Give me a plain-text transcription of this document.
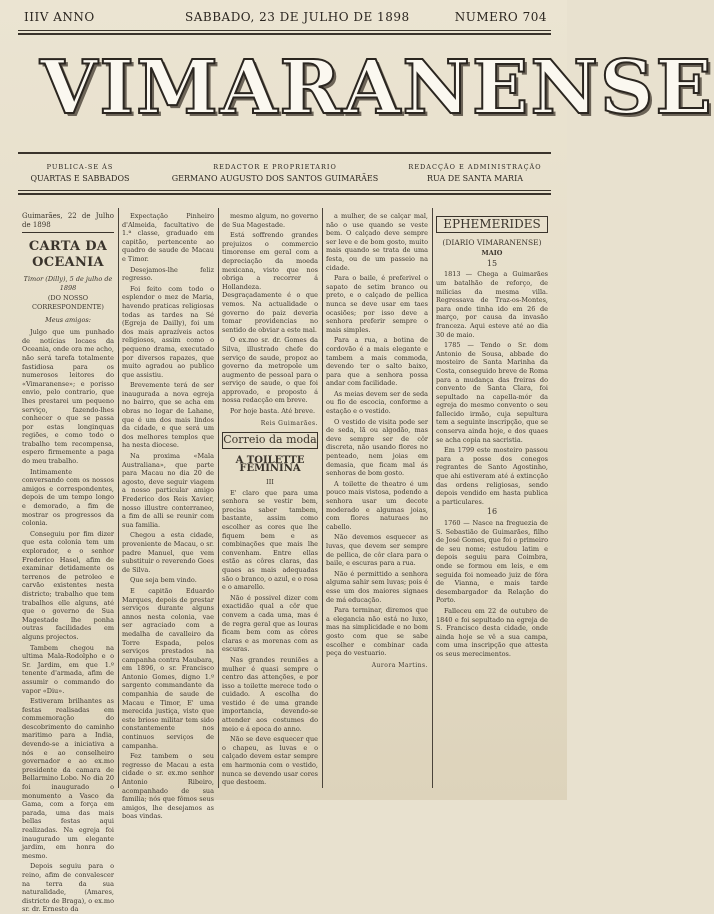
IIIV ANNO	SABBADO, 23 DE JULHO DE 1898	NUMERO 704
VIMARANENSE
PUBLICA-SE ÁS
QUARTAS E SABBADOS
REDACTOR E PROPRIETARIO
GERMANO AUGUSTO DOS SANTOS GUIMARÃES
REDACÇÃO E ADMINISTRAÇÃO
RUA DE SANTA MARIA
Guimarães, 22 de Julho de 1898
CARTA DA OCEANIA
Timor (Dilly), 5 de julho de 1898
(DO NOSSO CORRESPONDENTE)
Meus amigos:

Julgo que um punhado de notícias locaes da Oceania, onde ora me acho, não será tarefa totalmente fastidiosa para os numerosos leitores do «Vimaranense»; e porisso envio, pelo contrario, que lhes prestarei um pequeno serviço, fazendo-lhes conhecer o que se passa por estas longinquas regiões, e como todo o trabalho tem recompensa, espero firmemente a paga do meu trabalho.

Intimamente conversando com os nossos amigos e correspondentes, depois de um tempo longo e demorado, a fim de mostrar os progressos da colonia.

Conseguiu por fim dizer que esta colonia tem um explorador, e o senhor Frederico Hasel, afim de examinar detidamente os terrenos de petroleo e carvão existentes nesta districto; trabalho que tem trabalhos elle alguns, até que o governo de Sua Magestade lhe ponha outras facilidades em alguns projectos.

Tambem chegou na ultima Mala-Rodolpho e o Sr. Jardim, em que 1.º tenente d'armada, afim de assumir o commando do vapor «Diu».

Estiveram brilhantes as festas realisadas em commemoração do descobrimento do caminho maritimo para a India, devendo-se a iniciativa a nós e ao conselheiro governador e ao ex.mo presidente da camara de Bellarmino Lobo. No dia 20 foi inaugurado o monumento a Vasco da Gama, com a força em parada, uma das mais bellas festas aqui realizadas. Na egreja foi inaugurado um elegante jardim, em honra do mesmo.

Depois seguiu para o reino, afim de convalescer na terra da sua naturalidade, (Amares, districto de Braga), o ex.mo sr. dr. Ernesto da

Expectação Pinheiro d'Almeida, facultativo de 1.ª classe, graduado em capitão, pertencente ao quadro de saude de Macau e Timor.

Desejamos-lhe feliz regresso.

Foi feito com todo o esplendor o mez de Maria, havendo praticas religiosas todas as tardes na Sé (Egreja de Dailly), foi um dos mais aprazíveis actos religiosos, assim como o pequeno drama, executado por diversos rapazes, que muito agradou ao publico que assistiu.

Brevemente terá de ser inaugurada a nova egreja no bairro, que se acha em obras no logar de Lahane, que é um dos mais lindos da cidade, e que será um dos melhores templos que ha nesta diocese.

Na proxima «Mala Australiana», que parte para Macau no dia 20 de agosto, deve seguir viagem a nosso particular amigo Frederico dos Reis Xavier, nosso illustre conterraneo, a fim de alli se reunir com sua familia.

Chegou a esta cidade, proveniente de Macau, o sr. padre Manuel, que vem substituir o reverendo Goes de Silva.

Que seja bem vindo.

E capitão Eduardo Marques, depois de prestar serviços durante alguns annos nesta colonia, vae ser agraciado com a medalha de cavalleiro da Torre Espada, pelos serviços prestados na campanha contra Maubara, em 1896, o sr. Francisco Antonio Gomes, digno 1.º sargento commandante da companhia de saude de Macau e Timor, E' uma merecida justiça, visto que este brioso militar tem sido constantemente nos continuos serviços de campanha.

Fez tambem o seu regresso de Macau a esta cidade o sr. ex.mo senhor Antonio Ribeiro, acompanhado de sua familia; nós que fômos seus amigos, lhe desejamos as boas vindas.

mesmo algum, no governo de Sua Magestade.

Está soffrendo grandes prejuizos o commercio timorense em geral com a depreciação da moeda mexicana, visto que nos obriga a recorrer á Hollandeza. Desgraçadamente é o que vemos. Na actualidade o governo do paiz deveria tomar providencias no sentido de obviar a este mal.

O ex.mo sr. dr. Gomes da Silva, illustrado chefe do serviço de saude, propoz ao governo da metropole um augmento de pessoal para o serviço de saude, o que foi approvado, e proposto á nossa redacção em breve.

Por hoje basta. Até breve.

Reis Guimarães.
Correio da moda
A TOILETTE FEMININA
III

E' claro que para uma senhora se vestir bem, precisa saber tambem, bastante, assim como escolher as cores que lhe fiquem bem e as combinações que mais lhe convenham. Entre ellas estão as côres claras, das quaes as mais adequadas são o branco, o azul, e o rosa e o amarello.

Não é possivel dizer com exactidão qual a côr que convem a cada uma, mas é de regra geral que as louras ficam bem com as côres claras e as morenas com as escuras.

Nas grandes reuniões a mulher é quasi sempre o centro das attenções, e por isso a toilette merece todo o cuidado. A escolha do vestido é de uma grande importancia, devendo-se attender aos costumes do meio e á epoca do anno.

Não se deve esquecer que o chapeu, as luvas e o calçado devem estar sempre em harmonia com o vestido, nunca se devendo usar cores que destoem.

a mulher, de se calçar mal, não o use quando se veste bem. O calçado deve sempre ser leve e de bom gosto, muito mais quando se trata de uma festa, ou de um passeio na cidade.

Para o baile, é preferivel o sapato de setim branco ou preto, e o calçado de pellica nunca se deve usar em taes ocasiões; por isso deve a senhora preferir sempre o mais simples.

Para a rua, a botina de cordovão é a mais elegante e tambem a mais commoda, devendo ter o salto baixo, para que a senhora possa andar com facilidade.

As meias devem ser de seda ou fio de escocia, conforme a estação e o vestido.

O vestido de visita pode ser de seda, lã ou algodão, mas deve sempre ser de côr discreta, não usando flores no penteado, nem joias em demasia, que ficam mal ás senhoras de bom gosto.

A toilette de theatro é um pouco mais vistosa, podendo a senhora usar um decote moderado e algumas joias, com flores naturaes no cabello.

Não devemos esquecer as luvas, que devem ser sempre de pellica, de côr clara para o baile, e escuras para a rua.

Não é permittido a senhora alguma sahir sem luvas; pois é esse um dos maiores signaes de má educação.

Para terminar, diremos que a elegancia não está no luxo, mas na simplicidade e no bom gosto com que se sabe escolher e combinar cada peça do vestuario.

Aurora Martins.
EPHEMERIDES
(DIARIO VIMARANENSE)
MAIO
15

1813 — Chega a Guimarães um batalhão de reforço, de milicias da mesma villa. Regressava de Traz-os-Montes, para onde tinha ido em 26 de março, por causa da invasão franceza. Aqui esteve até ao dia 30 de maio.

1785 — Tendo o Sr. dom Antonio de Sousa, abbade do mosteiro de Santa Marinha da Costa, conseguido breve de Roma para a mudança das freiras do convento de Santa Clara, foi sepultado na capella-mór da egreja do mesmo convento o seu fallecido irmão, cuja sepultura tem a seguinte inscripção, que se conserva ainda hoje, e dos quaes se acha copia na sacristia.

Em 1799 este mosteiro passou para a posse dos conegos regrantes de Santo Agostinho, que ahi estiveram até á extincção das ordens religiosas, sendo depois vendido em hasta publica a particulares.

16

1760 — Nasce na freguezia de S. Sebastião de Guimarães, filho de José Gomes, que foi o primeiro de seu nome; estudou latim e depois seguiu para Coimbra, onde se formou em leis, e em seguida foi nomeado juiz de fóra de Vianna, e mais tarde desembargador da Relação do Porto.

Falleceu em 22 de outubro de 1840 e foi sepultado na egreja de S. Francisco desta cidade, onde ainda hoje se vê a sua campa, com uma inscripção que attesta os seus merecimentos.
